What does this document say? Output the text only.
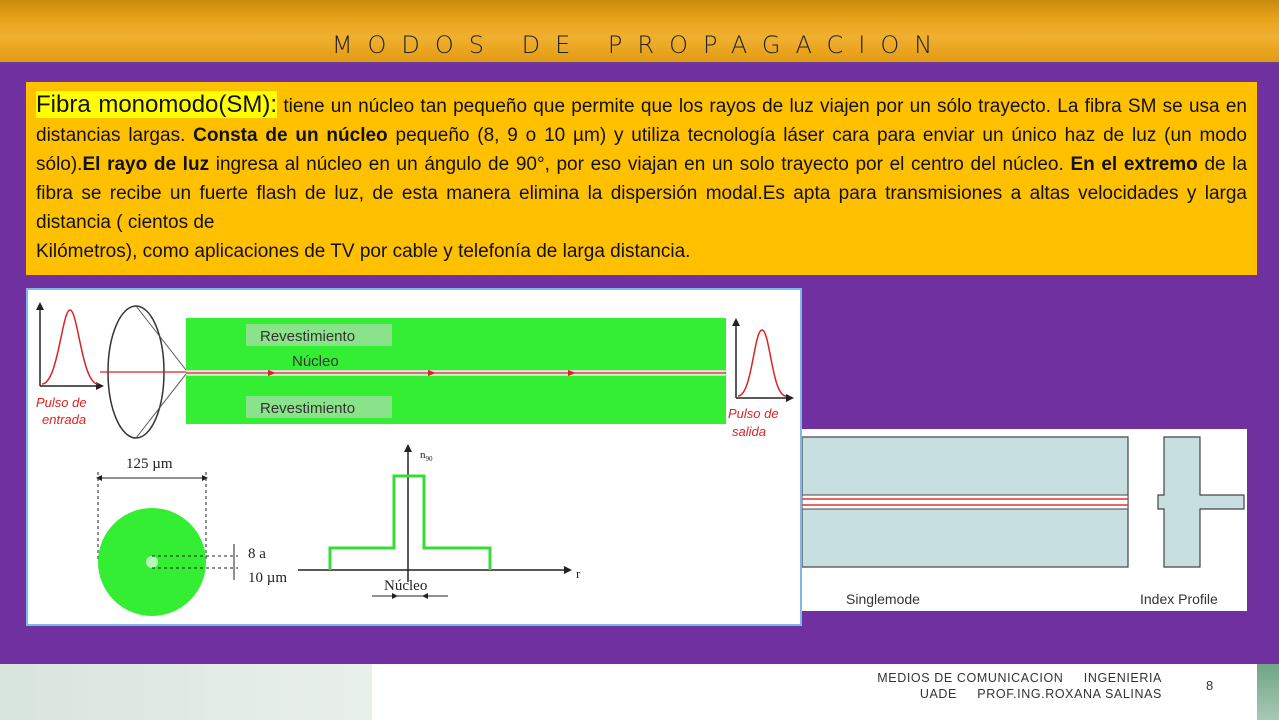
MODOS DE PROPAGACION
Fibra monomodo(SM): tiene un núcleo tan pequeño que permite que los rayos de luz viajen por un sólo trayecto. La fibra SM se usa en distancias largas. Consta de un núcleo pequeño (8, 9 o 10 µm) y utiliza tecnología láser cara para enviar un único haz de luz (un modo sólo).El rayo de luz ingresa al núcleo en un ángulo de 90°, por eso viajan en un solo trayecto por el centro del núcleo. En el extremo de la fibra se recibe un fuerte flash de luz, de esta manera elimina la dispersión modal.Es apta para transmisiones a altas velocidades y larga distancia ( cientos de
Kilómetros), como aplicaciones de TV por cable y telefonía de larga distancia.
Pulso de
entrada
Revestimiento
Núcleo
Revestimiento	Pulso de
salida
125 µm
8 a
10 µm	r
$n_{90}$
Núcleo
Singlemode	Index Profile
MEDIOS DE COMUNICACION     INGENIERIA
UADE     PROF.ING.ROXANA SALINAS
8
